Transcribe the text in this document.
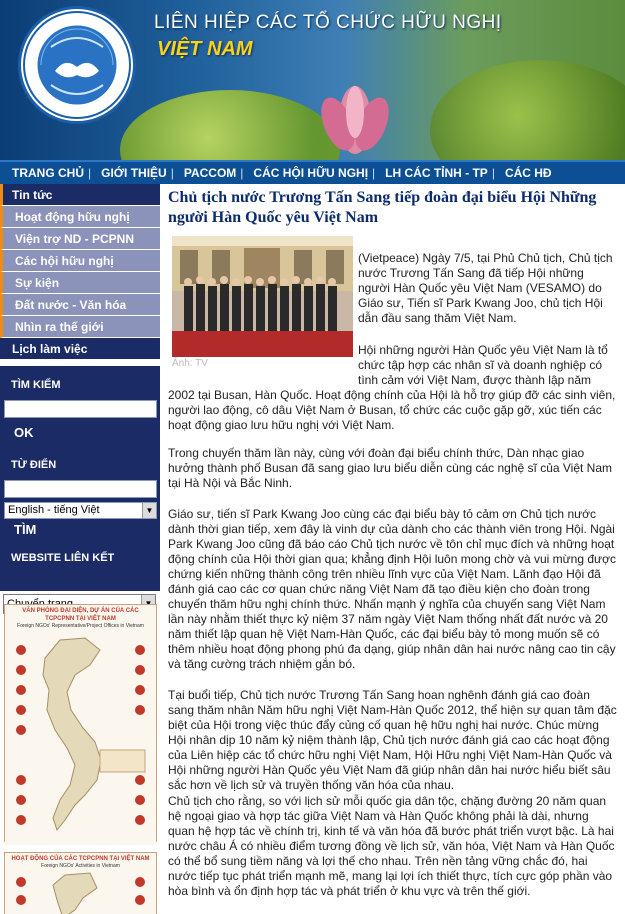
LIÊN HIỆP CÁC TỔ CHỨC HỮU NGHỊ
VIỆT NAM
TRANG CHỦ | GIỚI THIỆU | PACCOM | CÁC HỘI HỮU NGHỊ | LH CÁC TỈNH - TP | CÁC HĐ
Tin tức
Hoạt động hữu nghị
Viện trợ ND - PCPNN
Các hội hữu nghị
Sự kiện
Đất nước - Văn hóa
Nhìn ra thế giới
Lịch làm việc
TÌM KIẾM
OK
TỪ ĐIỂN
English - tiếng Việt	▼
TÌM
WEBSITE LIÊN KẾT
VĂN PHÒNG ĐẠI DIỆN, DỰ ÁN CỦA CÁC TCPCPNN TẠI VIỆT NAM
Foreign NGOs' Representative/Project Offices in Vietnam
HOẠT ĐỘNG CỦA CÁC TCPCPNN TẠI VIỆT NAM
Foreign NGOs' Activities in Vietnam
Chủ tịch nước Trương Tấn Sang tiếp đoàn đại biểu Hội Những người Hàn Quốc yêu Việt Nam
Ảnh: TV
(Vietpeace) Ngày 7/5, tại Phủ Chủ tịch, Chủ tịch nước Trương Tấn Sang đã tiếp Hội những người Hàn Quốc yêu Việt Nam (VESAMO) do Giáo sư, Tiến sĩ Park Kwang Joo, chủ tịch Hội dẫn đầu sang thăm Việt Nam.
Hội những người Hàn Quốc yêu Việt Nam là tổ chức tập hợp các nhân sĩ và doanh nghiệp có tình cảm với Việt Nam, được thành lập năm
2002 tại Busan, Hàn Quốc. Hoạt động chính của Hội là hỗ trợ giúp đỡ các sinh viên, người lao động, cô dâu Việt Nam ở Busan, tổ chức các cuộc gặp gỡ, xúc tiến các hoạt động giao lưu hữu nghị với Việt Nam.
Trong chuyến thăm lần này, cùng với đoàn đại biểu chính thức, Dàn nhạc giao hưởng thành phố Busan đã sang giao lưu biểu diễn cùng các nghệ sĩ của Việt Nam tại Hà Nội và Bắc Ninh.
Giáo sư, tiến sĩ Park Kwang Joo cùng các đại biểu bày tỏ cảm ơn Chủ tịch nước dành thời gian tiếp, xem đây là vinh dự của dành cho các thành viên trong Hội. Ngài Park Kwang Joo cũng đã báo cáo Chủ tịch nước về tôn chỉ mục đích và những hoạt động chính của Hội thời gian qua; khẳng định Hội luôn mong chờ và vui mừng được chứng kiến những thành công trên nhiều lĩnh vực của Việt Nam. Lãnh đạo Hội đã đánh giá cao các cơ quan chức năng Việt Nam đã tạo điều kiện cho đoàn trong chuyến thăm hữu nghị chính thức. Nhấn mạnh ý nghĩa của chuyến sang Việt Nam lần này nhằm thiết thực kỷ niệm 37 năm ngày Việt Nam thống nhất đất nước và 20 năm thiết lập quan hệ Việt Nam-Hàn Quốc, các đại biểu bày tỏ mong muốn sẽ có thêm nhiều hoạt động phong phú đa dạng, giúp nhân dân hai nước nâng cao tin cậy và tăng cường trách nhiệm gắn bó.
Tại buổi tiếp, Chủ tịch nước Trương Tấn Sang hoan nghênh đánh giá cao đoàn sang thăm nhân Năm hữu nghị Việt Nam-Hàn Quốc 2012, thể hiện sự quan tâm đặc biệt của Hội trong việc thúc đẩy củng cố quan hệ hữu nghị hai nước. Chúc mừng Hội nhân dịp 10 năm kỷ niệm thành lập, Chủ tịch nước đánh giá cao các hoạt động của Liên hiệp các tổ chức hữu nghị Việt Nam, Hội Hữu nghị Việt Nam-Hàn Quốc và Hội những người Hàn Quốc yêu Việt Nam đã giúp nhân dân hai nước hiểu biết sâu sắc hơn về lịch sử và truyền thống văn hóa của nhau.
Chủ tịch cho rằng, so với lịch sử mỗi quốc gia dân tộc, chặng đường 20 năm quan hệ ngoại giao và hợp tác giữa Việt Nam và Hàn Quốc không phải là dài, nhưng quan hệ hợp tác về chính trị, kinh tế và văn hóa đã bước phát triển vượt bậc. Là hai nước châu Á có nhiều điểm tương đồng về lịch sử, văn hóa, Việt Nam và Hàn Quốc có thể bổ sung tiềm năng và lợi thế cho nhau. Trên nền tảng vững chắc đó, hai nước tiếp tục phát triển mạnh mẽ, mang lại lợi ích thiết thực, tích cực góp phần vào hòa bình và ổn định hợp tác và phát triển ở khu vực và trên thế giới.
